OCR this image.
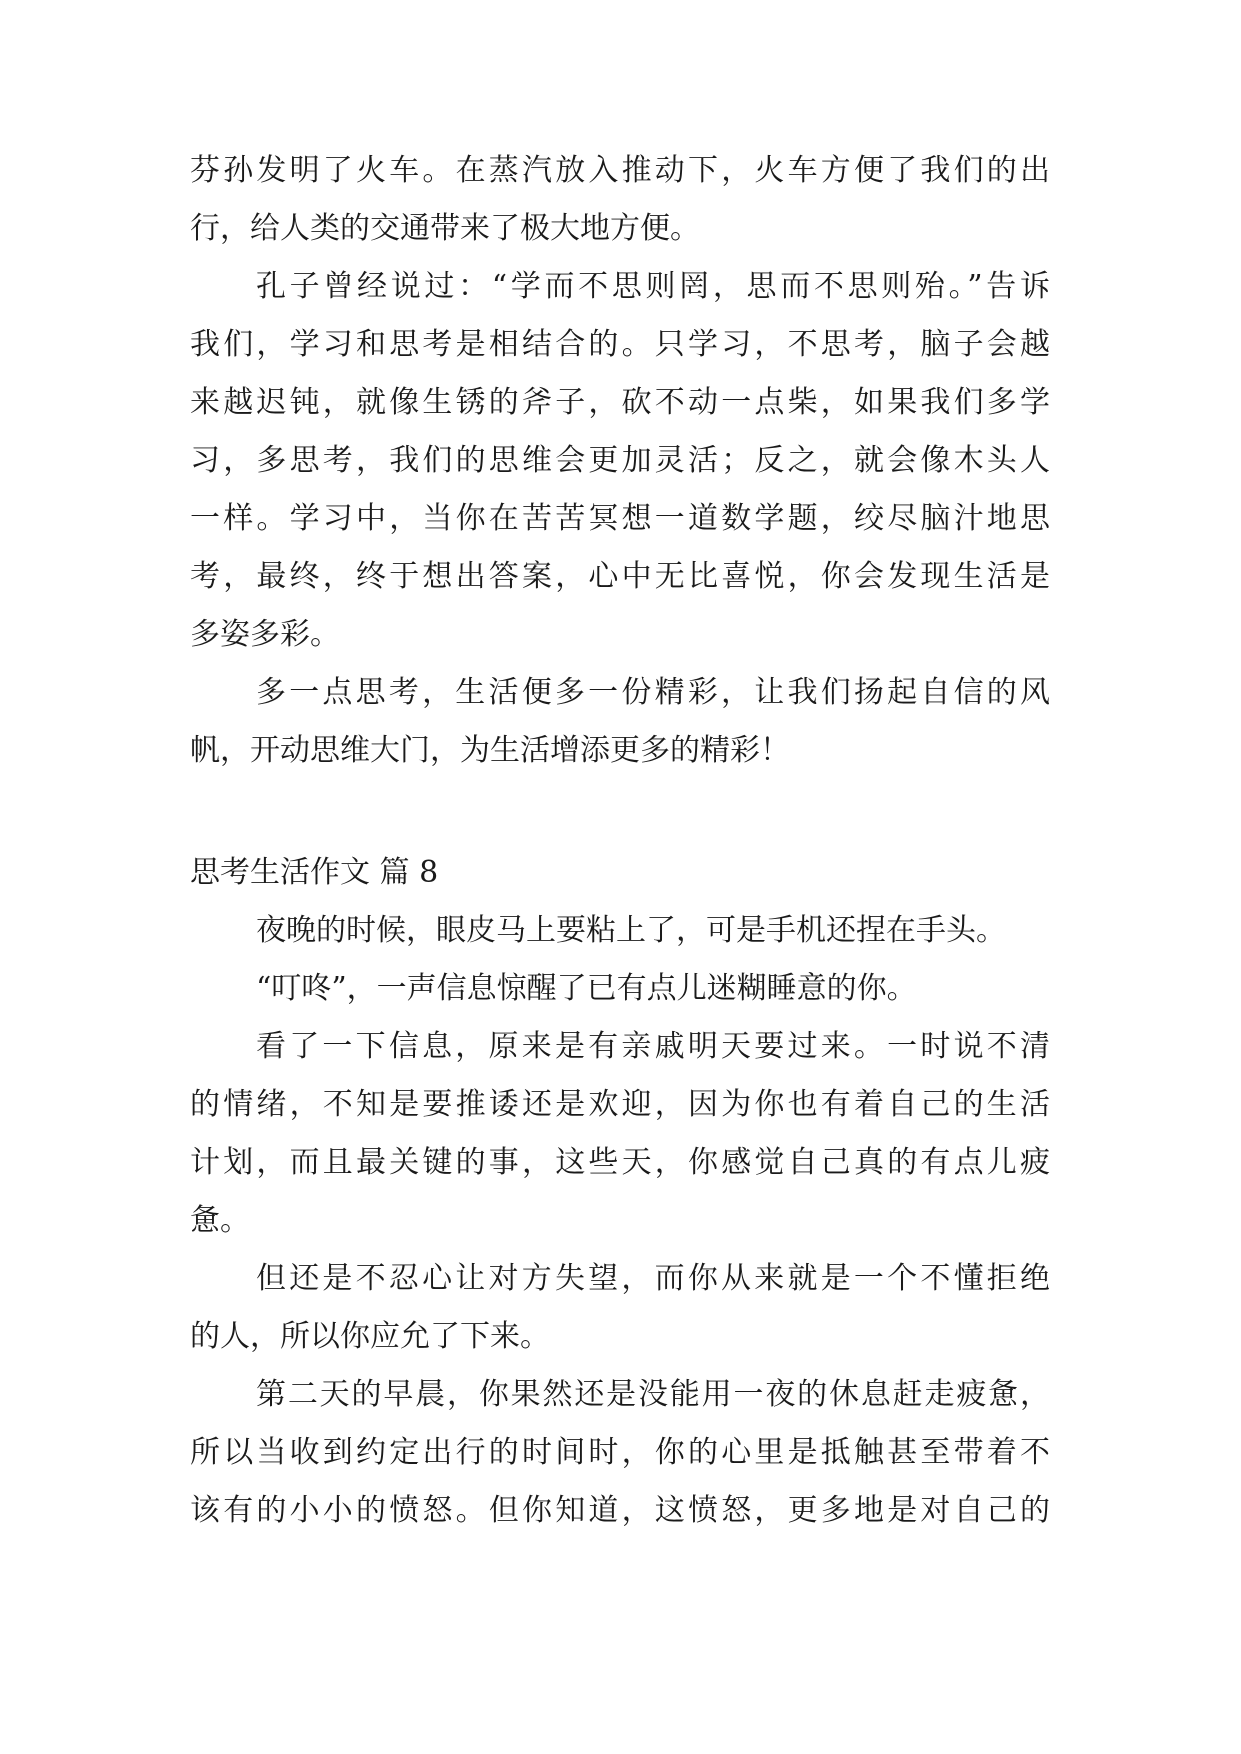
芬孙发明了火车。在蒸汽放入推动下，火车方便了我们的出
行，给人类的交通带来了极大地方便。
孔子曾经说过：“学而不思则罔，思而不思则殆。”告诉
我们，学习和思考是相结合的。只学习，不思考，脑子会越
来越迟钝，就像生锈的斧子，砍不动一点柴，如果我们多学
习，多思考，我们的思维会更加灵活；反之，就会像木头人
一样。学习中，当你在苦苦冥想一道数学题，绞尽脑汁地思
考，最终，终于想出答案，心中无比喜悦，你会发现生活是
多姿多彩。
多一点思考，生活便多一份精彩，让我们扬起自信的风
帆，开动思维大门，为生活增添更多的精彩！
思考生活作文 篇 8
夜晚的时候，眼皮马上要粘上了，可是手机还捏在手头。
“叮咚”，一声信息惊醒了已有点儿迷糊睡意的你。
看了一下信息，原来是有亲戚明天要过来。一时说不清
的情绪，不知是要推诿还是欢迎，因为你也有着自己的生活
计划，而且最关键的事，这些天，你感觉自己真的有点儿疲
惫。
但还是不忍心让对方失望，而你从来就是一个不懂拒绝
的人，所以你应允了下来。
第二天的早晨，你果然还是没能用一夜的休息赶走疲惫，
所以当收到约定出行的时间时，你的心里是抵触甚至带着不
该有的小小的愤怒。但你知道，这愤怒，更多地是对自己的
